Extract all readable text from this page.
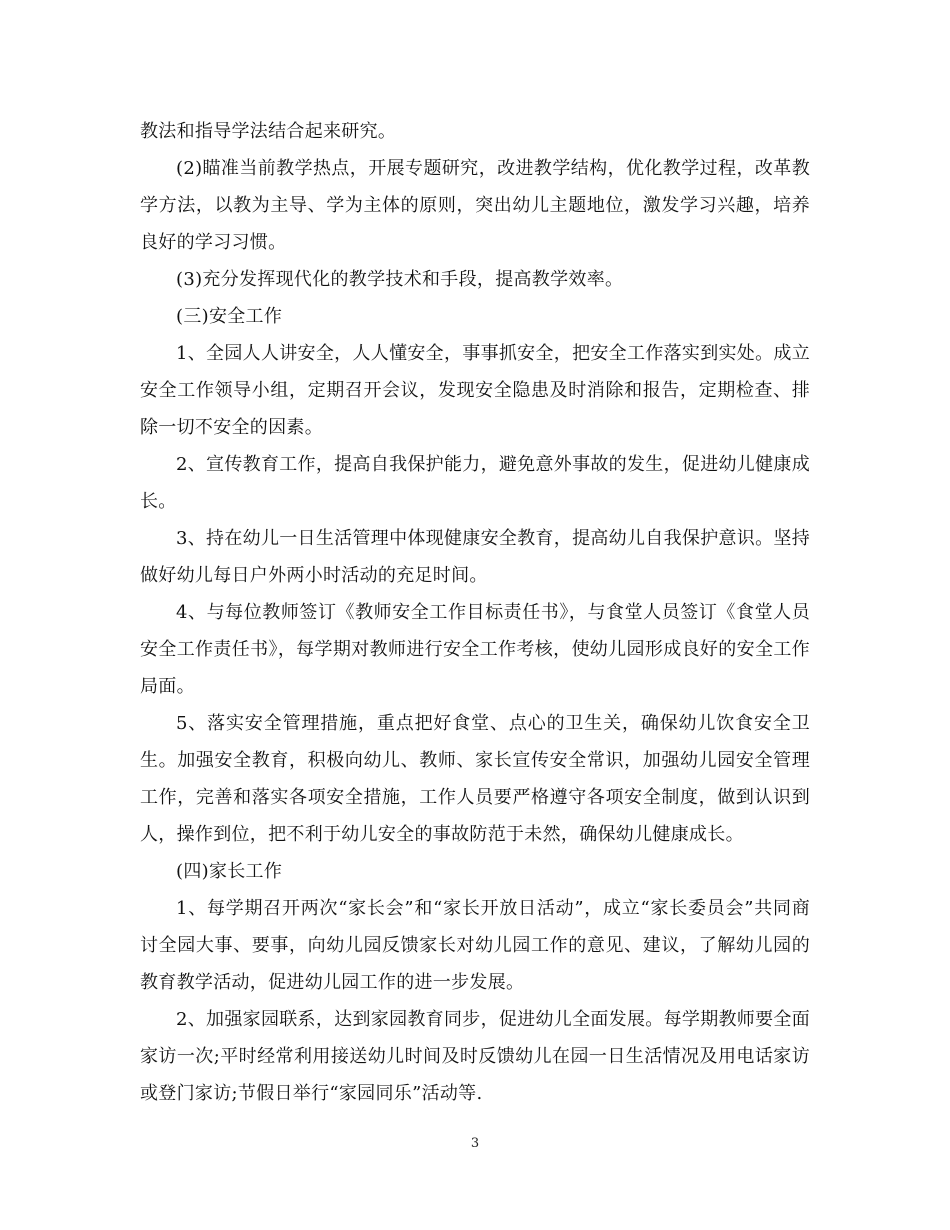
教法和指导学法结合起来研究。

(2)瞄准当前教学热点，开展专题研究，改进教学结构，优化教学过程，改革教学方法，以教为主导、学为主体的原则，突出幼儿主题地位，激发学习兴趣，培养良好的学习习惯。

(3)充分发挥现代化的教学技术和手段，提高教学效率。

(三)安全工作

1、全园人人讲安全，人人懂安全，事事抓安全，把安全工作落实到实处。成立安全工作领导小组，定期召开会议，发现安全隐患及时消除和报告，定期检查、排除一切不安全的因素。

2、宣传教育工作，提高自我保护能力，避免意外事故的发生，促进幼儿健康成长。

3、持在幼儿一日生活管理中体现健康安全教育，提高幼儿自我保护意识。坚持做好幼儿每日户外两小时活动的充足时间。

4、与每位教师签订《教师安全工作目标责任书》，与食堂人员签订《食堂人员安全工作责任书》，每学期对教师进行安全工作考核，使幼儿园形成良好的安全工作局面。

5、落实安全管理措施，重点把好食堂、点心的卫生关，确保幼儿饮食安全卫生。加强安全教育，积极向幼儿、教师、家长宣传安全常识，加强幼儿园安全管理工作，完善和落实各项安全措施，工作人员要严格遵守各项安全制度，做到认识到人，操作到位，把不利于幼儿安全的事故防范于未然，确保幼儿健康成长。

(四)家长工作

1、每学期召开两次“家长会”和“家长开放日活动”，成立“家长委员会”共同商讨全园大事、要事，向幼儿园反馈家长对幼儿园工作的意见、建议，了解幼儿园的教育教学活动，促进幼儿园工作的进一步发展。

2、加强家园联系，达到家园教育同步，促进幼儿全面发展。每学期教师要全面家访一次;平时经常利用接送幼儿时间及时反馈幼儿在园一日生活情况及用电话家访或登门家访;节假日举行“家园同乐”活动等.

3
